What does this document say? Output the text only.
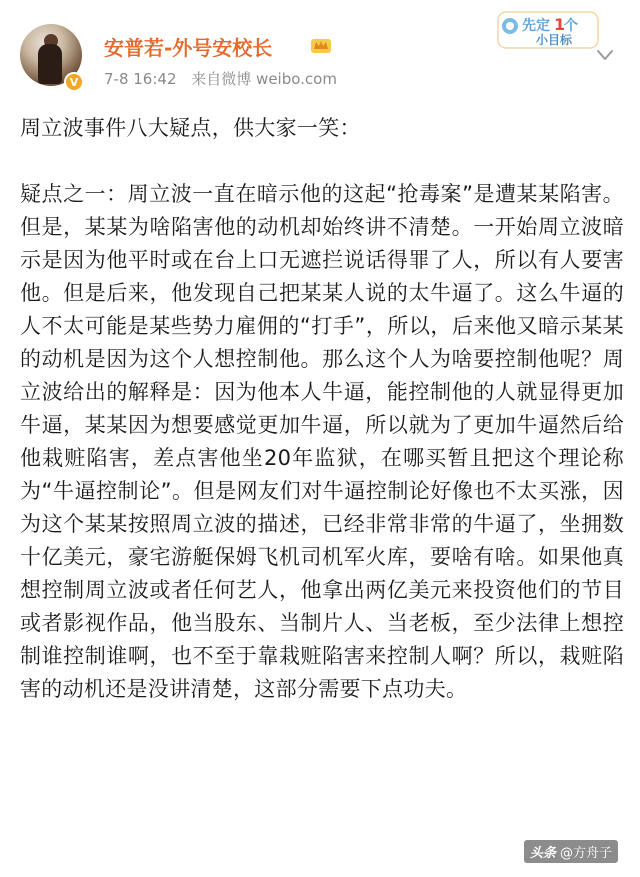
V
安普若-外号安校长
7-8 16:42 来自微博 weibo.com
先定 1
个
小目标

周立波事件八大疑点，供大家一笑：

疑点之一：周立波一直在暗示他的这起“抢毒案”是遭某某陷害。但是，某某为啥陷害他的动机却始终讲不清楚。一开始周立波暗示是因为他平时或在台上口无遮拦说话得罪了人，所以有人要害他。但是后来，他发现自己把某某人说的太牛逼了。这么牛逼的人不太可能是某些势力雇佣的“打手”，所以，后来他又暗示某某的动机是因为这个人想控制他。那么这个人为啥要控制他呢？周立波给出的解释是：因为他本人牛逼，能控制他的人就显得更加牛逼，某某因为想要感觉更加牛逼，所以就为了更加牛逼然后给他栽赃陷害，差点害他坐20年监狱，在哪买暂且把这个理论称为“牛逼控制论”。但是网友们对牛逼控制论好像也不太买涨，因为这个某某按照周立波的描述，已经非常非常的牛逼了，坐拥数十亿美元，豪宅游艇保姆飞机司机军火库，要啥有啥。如果他真想控制周立波或者任何艺人，他拿出两亿美元来投资他们的节目或者影视作品，他当股东、当制片人、当老板，至少法律上想控制谁控制谁啊，也不至于靠栽赃陷害来控制人啊？所以，栽赃陷害的动机还是没讲清楚，这部分需要下点功夫。

头条 @方舟子
